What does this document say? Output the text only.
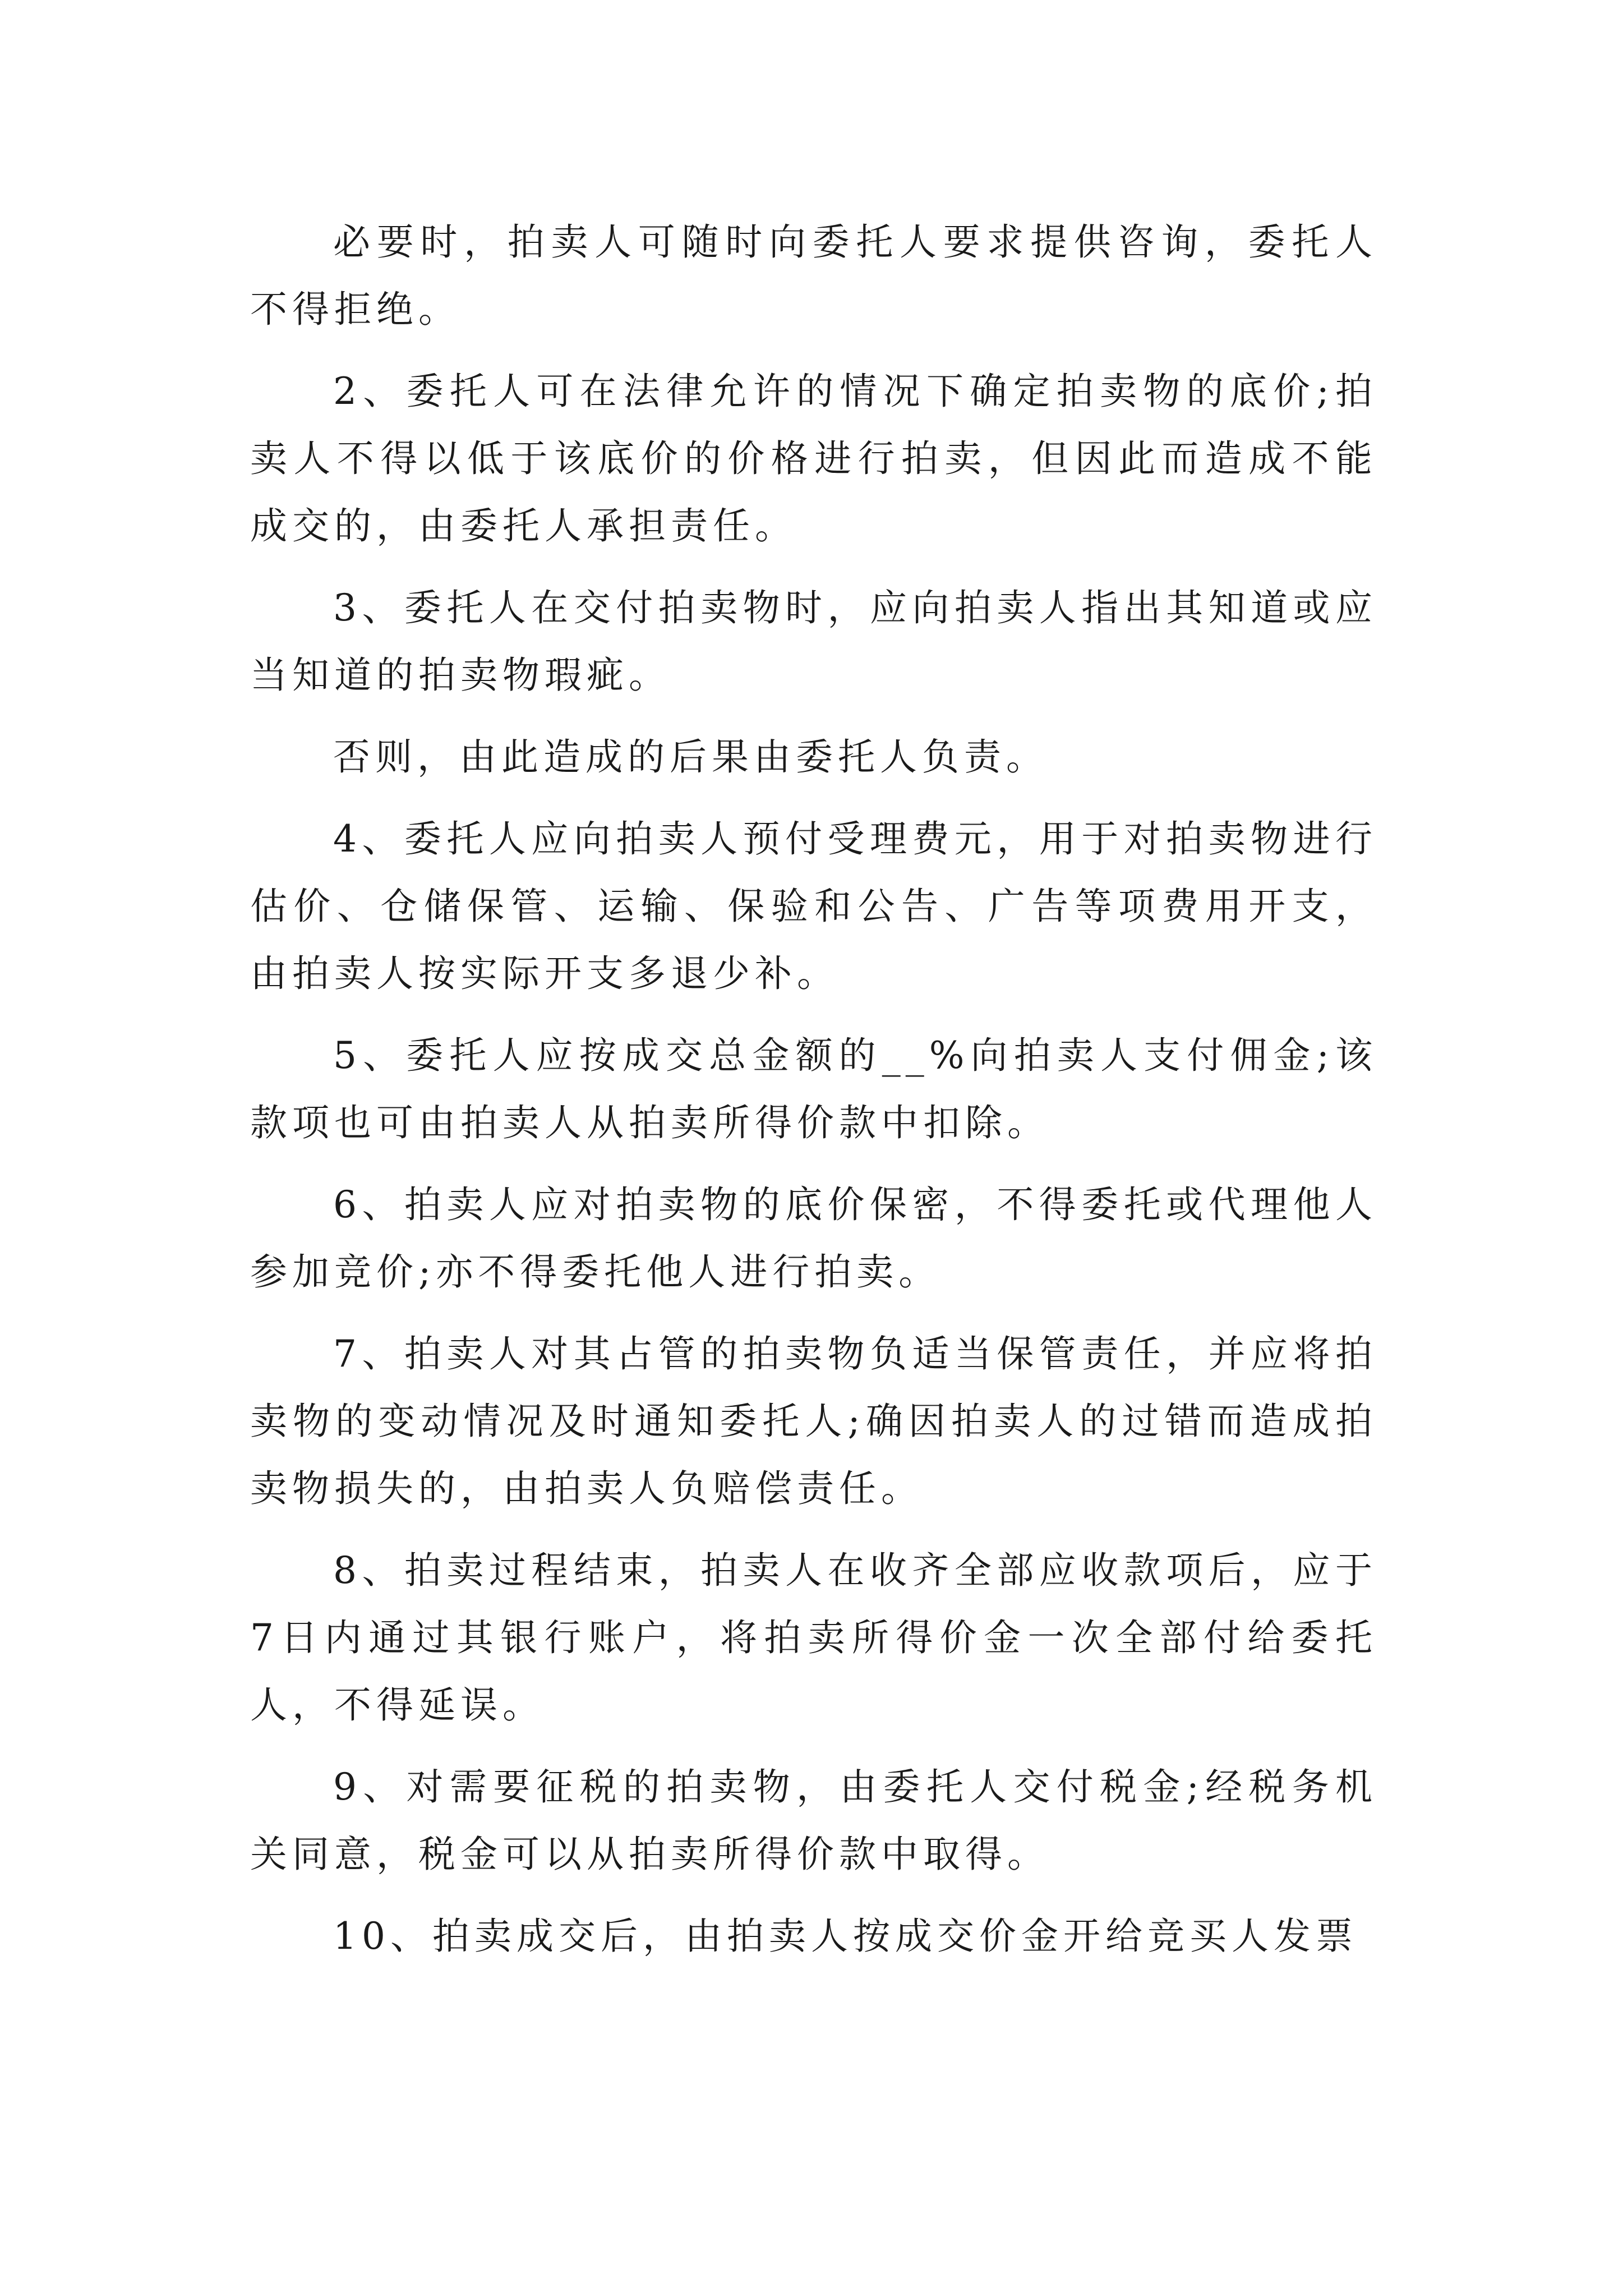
必要时，拍卖人可随时向委托人要求提供咨询，委托人不得拒绝。

2、委托人可在法律允许的情况下确定拍卖物的底价;拍卖人不得以低于该底价的价格进行拍卖，但因此而造成不能成交的，由委托人承担责任。

3、委托人在交付拍卖物时，应向拍卖人指出其知道或应当知道的拍卖物瑕疵。

否则，由此造成的后果由委托人负责。

4、委托人应向拍卖人预付受理费元，用于对拍卖物进行估价、仓储保管、运输、保验和公告、广告等项费用开支，由拍卖人按实际开支多退少补。

5、委托人应按成交总金额的__%向拍卖人支付佣金;该款项也可由拍卖人从拍卖所得价款中扣除。

6、拍卖人应对拍卖物的底价保密，不得委托或代理他人参加竞价;亦不得委托他人进行拍卖。

7、拍卖人对其占管的拍卖物负适当保管责任，并应将拍卖物的变动情况及时通知委托人;确因拍卖人的过错而造成拍卖物损失的，由拍卖人负赔偿责任。

8、拍卖过程结束，拍卖人在收齐全部应收款项后，应于7日内通过其银行账户，将拍卖所得价金一次全部付给委托人，不得延误。

9、对需要征税的拍卖物，由委托人交付税金;经税务机关同意，税金可以从拍卖所得价款中取得。

10、拍卖成交后，由拍卖人按成交价金开给竞买人发票
